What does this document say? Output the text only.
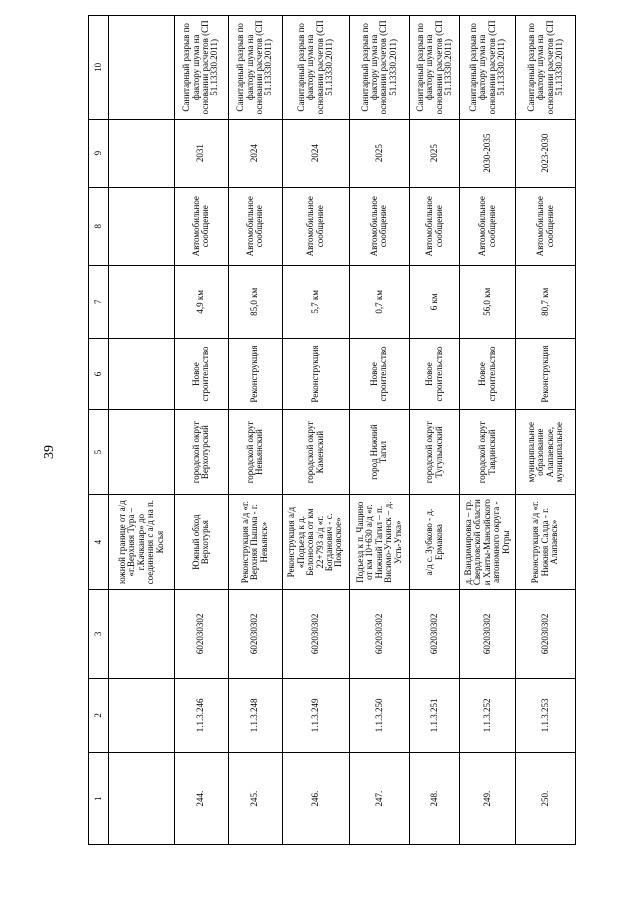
39
1	2	3	4	5	6	7	8	9	10
			южной границе от а/д «г.Верхняя Тура – г.Качканар» до соединения с а/д на п. Косья						
244.	1.1.3.246	602030302	Южный обход Верхотурья	городской округ Верхотурский	Новое строительство	4,9 км	Автомобильное сообщение	2031	Санитарный разрыв по фактору шума на основании расчетов (СП 51.13330.2011)
245.	1.1.3.248	602030302	Реконструкция а/д «г. Верхняя Пышма - г. Невьянск»	городской округ Невьянский	Реконструкция	85,0 км	Автомобильное сообщение	2024	Санитарный разрыв по фактору шума на основании расчетов (СП 51.13330.2011)
246.	1.1.3.249	602030302	Реконструкция а/д «Подъезд к д. Белоносова от км 22+793 а/д «г. Богданович - с. Покровское»	городской округ Каменский	Реконструкция	5,7 км	Автомобильное сообщение	2024	Санитарный разрыв по фактору шума на основании расчетов (СП 51.13330.2011)
247.	1.1.3.250	602030302	Подъезд к п. Чащино от км 10+630 а/д «г. Нижний Тагил – п. Висимо-Уткинск – д. Усть-Утка»	город Нижний Тагил	Новое строительство	0,7 км	Автомобильное сообщение	2025	Санитарный разрыв по фактору шума на основании расчетов (СП 51.13330.2011)
248.	1.1.3.251	602030302	а/д с. Зубково - д. Ермакова	городской округ Тугулымский	Новое строительство	6 км	Автомобильное сообщение	2025	Санитарный разрыв по фактору шума на основании расчетов (СП 51.13330.2011)
249.	1.1.3.252	602030302	д. Вандимировка – гр. Свердловской области и Ханты-Мансийского автономного округа - Югры	городской округ Тавдинский	Новое строительство	56,0 км	Автомобильное сообщение	2030-2035	Санитарный разрыв по фактору шума на основании расчетов (СП 51.13330.2011)
250.	1.1.3.253	602030302	Реконструкция а/д «г. Нижняя Салда - г. Алапаевск»	муниципальное образование Алапаевское, муниципальное	Реконструкция	80,7 км	Автомобильное сообщение	2023-2030	Санитарный разрыв по фактору шума на основании расчетов (СП 51.13330.2011)
